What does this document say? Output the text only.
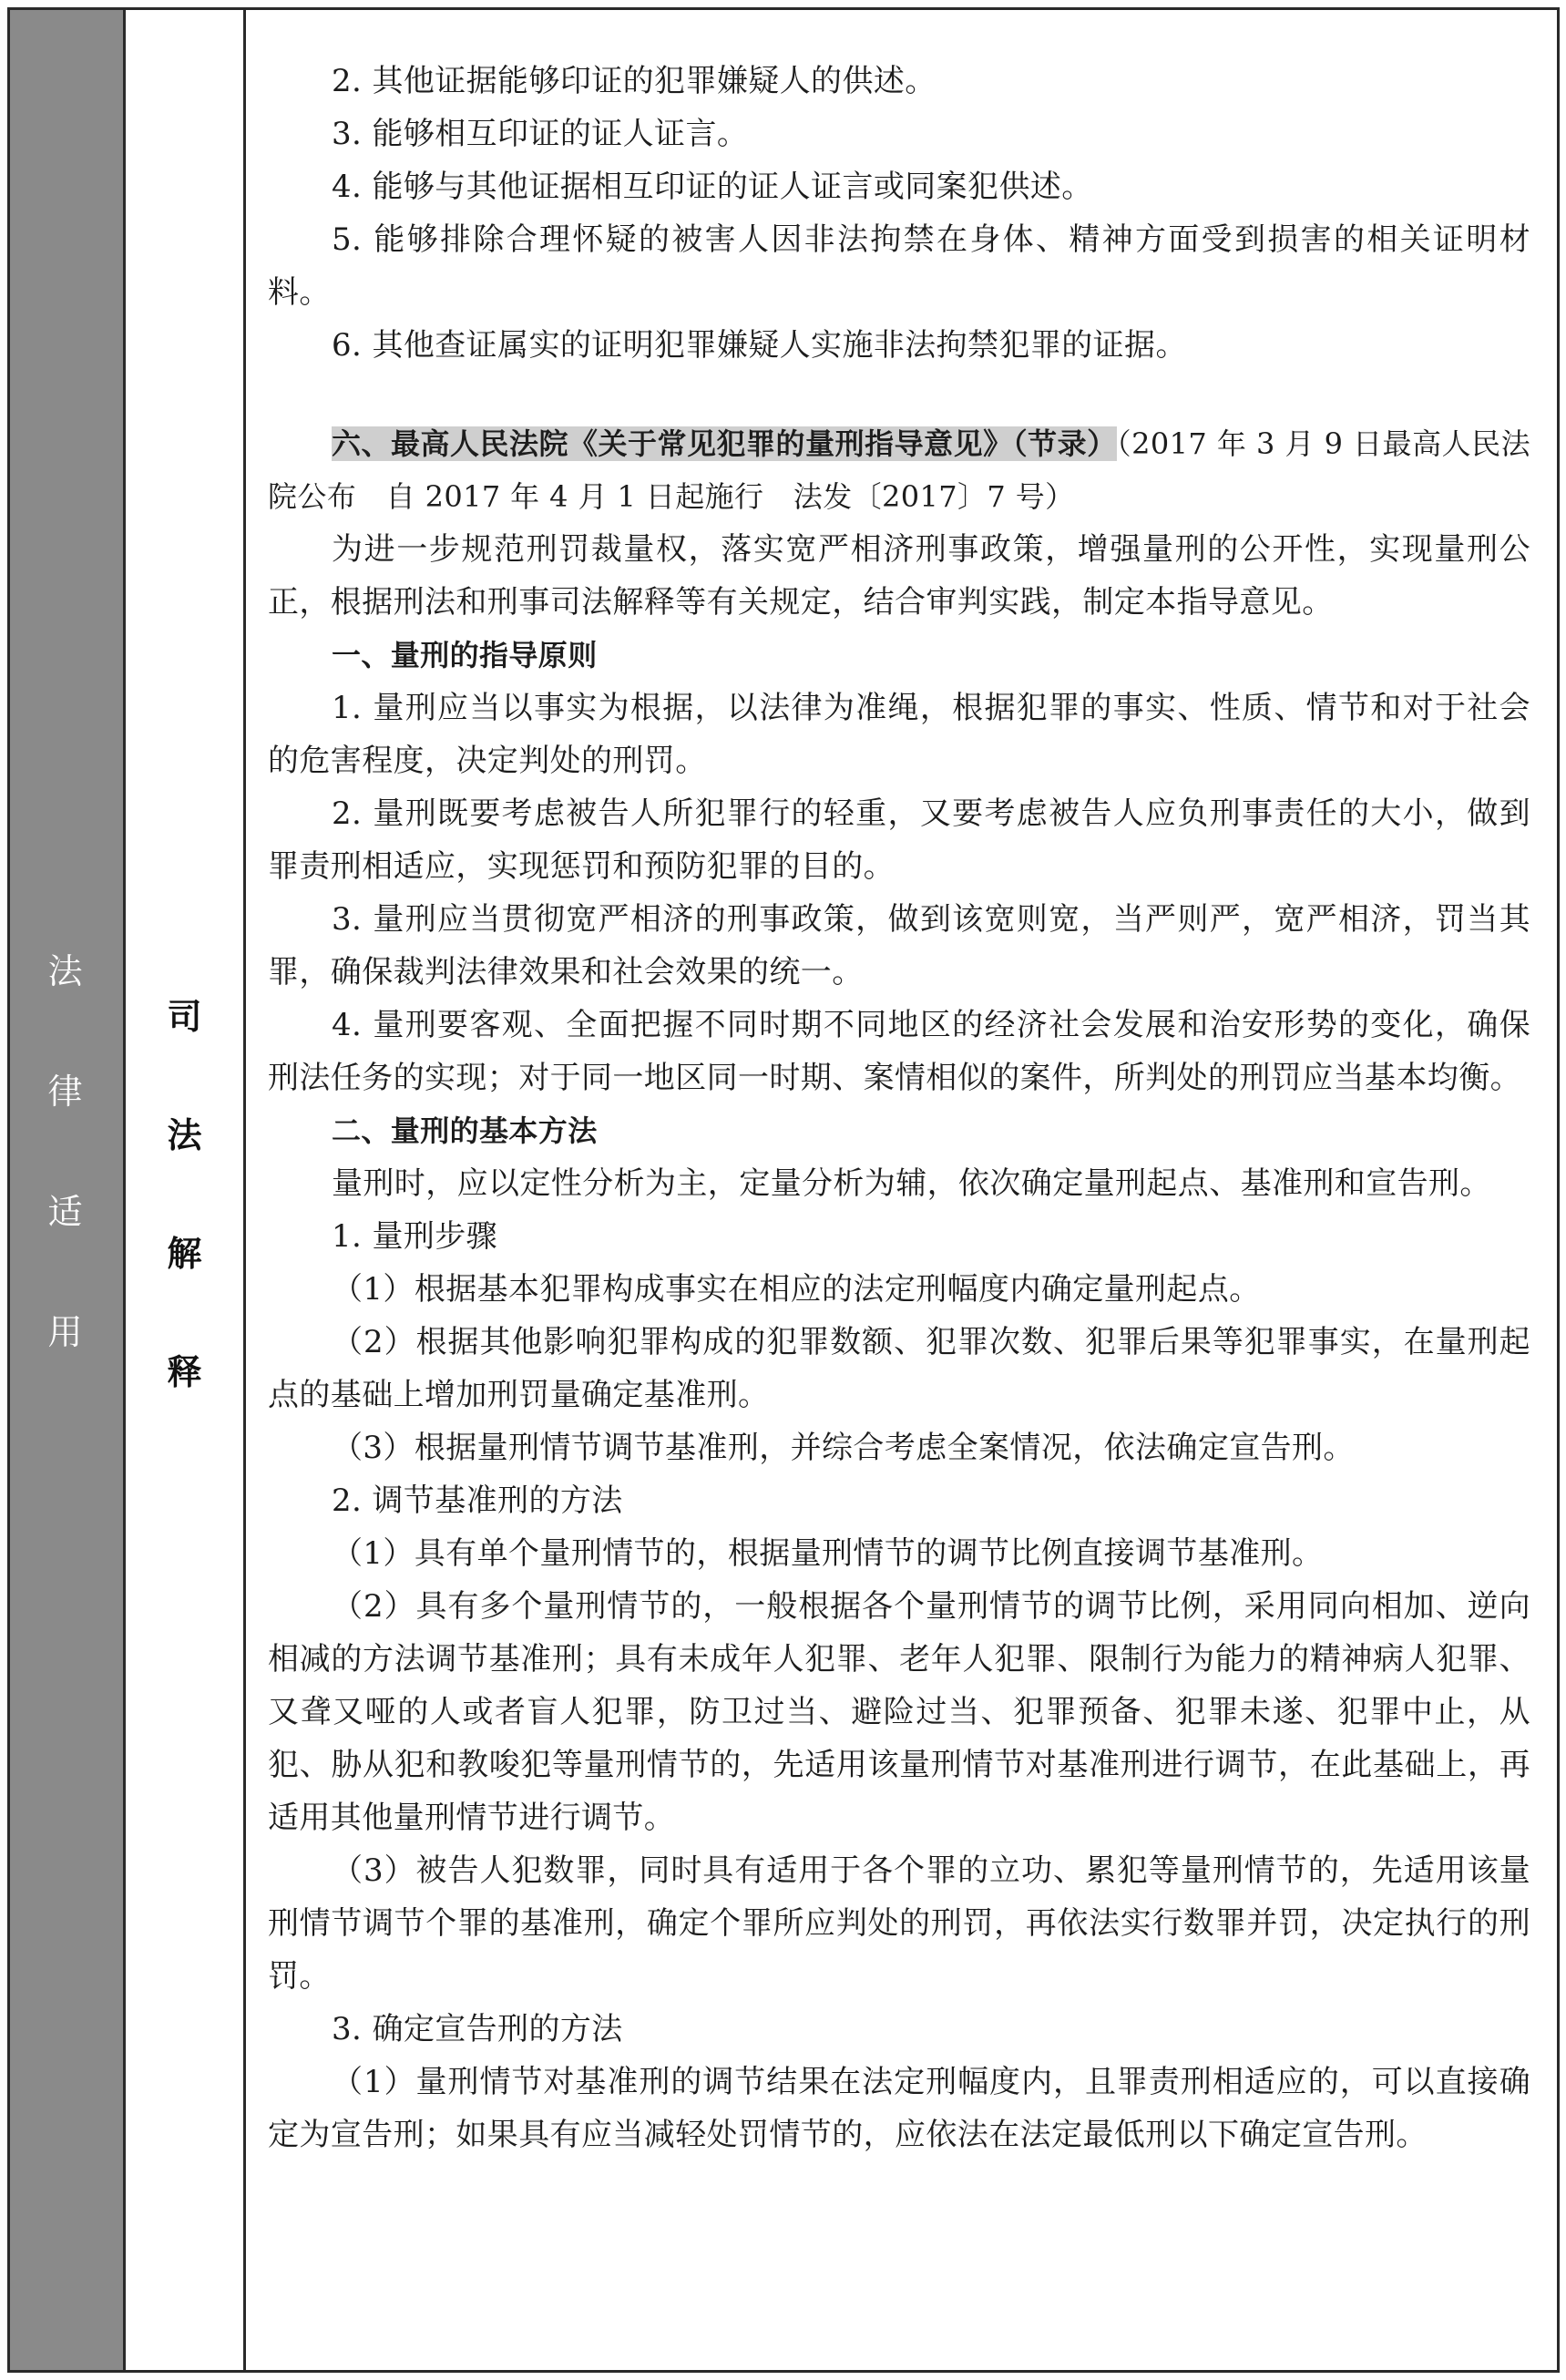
法
律
适
用
司
法
解
释

2. 其他证据能够印证的犯罪嫌疑人的供述。

3. 能够相互印证的证人证言。

4. 能够与其他证据相互印证的证人证言或同案犯供述。

5. 能够排除合理怀疑的被害人因非法拘禁在身体、精神方面受到损害的相关证明材料。

6. 其他查证属实的证明犯罪嫌疑人实施非法拘禁犯罪的证据。

六、最高人民法院《关于常见犯罪的量刑指导意见》（节录）（2017 年 3 月 9 日最高人民法院公布　自 2017 年 4 月 1 日起施行　法发〔2017〕7 号）

为进一步规范刑罚裁量权，落实宽严相济刑事政策，增强量刑的公开性，实现量刑公正，根据刑法和刑事司法解释等有关规定，结合审判实践，制定本指导意见。

一、量刑的指导原则

1. 量刑应当以事实为根据，以法律为准绳，根据犯罪的事实、性质、情节和对于社会的危害程度，决定判处的刑罚。

2. 量刑既要考虑被告人所犯罪行的轻重，又要考虑被告人应负刑事责任的大小，做到罪责刑相适应，实现惩罚和预防犯罪的目的。

3. 量刑应当贯彻宽严相济的刑事政策，做到该宽则宽，当严则严，宽严相济，罚当其罪，确保裁判法律效果和社会效果的统一。

4. 量刑要客观、全面把握不同时期不同地区的经济社会发展和治安形势的变化，确保刑法任务的实现；对于同一地区同一时期、案情相似的案件，所判处的刑罚应当基本均衡。

二、量刑的基本方法

量刑时，应以定性分析为主，定量分析为辅，依次确定量刑起点、基准刑和宣告刑。

1. 量刑步骤

（1）根据基本犯罪构成事实在相应的法定刑幅度内确定量刑起点。

（2）根据其他影响犯罪构成的犯罪数额、犯罪次数、犯罪后果等犯罪事实，在量刑起点的基础上增加刑罚量确定基准刑。

（3）根据量刑情节调节基准刑，并综合考虑全案情况，依法确定宣告刑。

2. 调节基准刑的方法

（1）具有单个量刑情节的，根据量刑情节的调节比例直接调节基准刑。

（2）具有多个量刑情节的，一般根据各个量刑情节的调节比例，采用同向相加、逆向相减的方法调节基准刑；具有未成年人犯罪、老年人犯罪、限制行为能力的精神病人犯罪、又聋又哑的人或者盲人犯罪，防卫过当、避险过当、犯罪预备、犯罪未遂、犯罪中止，从犯、胁从犯和教唆犯等量刑情节的，先适用该量刑情节对基准刑进行调节，在此基础上，再适用其他量刑情节进行调节。

（3）被告人犯数罪，同时具有适用于各个罪的立功、累犯等量刑情节的，先适用该量刑情节调节个罪的基准刑，确定个罪所应判处的刑罚，再依法实行数罪并罚，决定执行的刑罚。

3. 确定宣告刑的方法

（1）量刑情节对基准刑的调节结果在法定刑幅度内，且罪责刑相适应的，可以直接确定为宣告刑；如果具有应当减轻处罚情节的，应依法在法定最低刑以下确定宣告刑。
